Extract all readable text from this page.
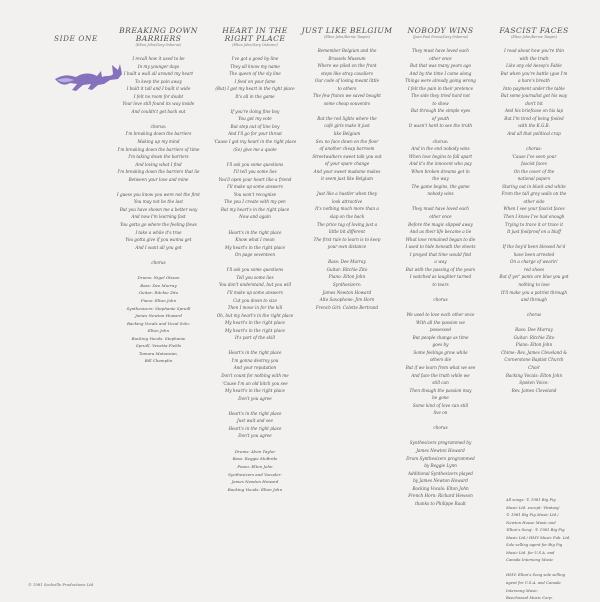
SIDE ONE
BREAKING DOWN BARRIERS
(Elton John/Gary Osborne)
I recall how it used to be
In my younger days
I built a wall all around my heart
To keep the pain away
I built it tall and I built it wide
I felt no room for doubt
Your love still found its way inside
And couldn't get back out
chorus:
I'm breaking down the barriers
Making up my mind
I'm breaking down the barriers of time
I'm taking down the barriers
And loving what I find
I'm breaking down the barriers that lie
Between your love and mine
I guess you know you were not the first
You may not be the last
But you have shown me a better way
And now I'm learning fast
You gotta go where the feeling flows
I take a while it's true
You gotta give if you wanna get
And I want all you got
chorus
Drums: Nigel Olsson
Bass: Dee Murray
Guitar: Ritchie Zito
Piano: Elton John
Synthesizers: Stephanie Spruill
James Newton Howard
Backing Vocals and Vocal Solo:
Elton John
Backing Vocals: Stephanie
Spruill, Venetta Fields
Tamara Matoesian,
Bill Champlin
HEART IN THE RIGHT PLACE
(Elton John/Gary Osborne)
I've got a good by-line
They all know my name
The queen of the sly line
I feed on your fame
(But) I got my heart in the right place
It's all in the game
If you're doing fine boy
You got my vote
But step out of line boy
And I'll go for your throat
'Cause I got my heart in the right place
(So) give me a quote
I'll ask you some questions
I'll tell you some lies
You'll open your heart like a friend
I'll make up some answers
You won't recognise
The you I create with my pen
But my heart's in the right place
Now and again
Heart's in the right place
Know what I mean
My heart's in the right place
On page seventeen
I'll ask you some questions
Tell you some lies
You don't understand, but you will
I'll make up some answers
Cut you down to size
Then I move in for the kill
Oh, but my heart's in the right place
My heart's in the right place
My heart's in the right place
It's part of the skill
Heart's in the right place
I'm gonna destroy you
And your reputation
Don't count for nothing with me
'Cause I'm an old bitch you see
My heart's in the right place
Don't you agree
Heart's in the right place
Just wait and see
Heart's in the right place
Don't you agree
Drums: Alvin Taylor
Bass: Reggie McBride
Piano: Elton John
Synthesizers and Vocoder:
James Newton Howard
Backing Vocals: Elton John
JUST LIKE BELGIUM
(Elton John/Bernie Taupin)
Remember Belgium and the
Brussels Museum
Where we piled on the front
steps like stray cavaliers
Our code of losing meant little
to others
The few francs we saved bought
some cheap souvenirs
But the red lights where the
café girls make it just
like Belgium
Sex no face down on the floor
of another cheap barroom
Streetwalkers sweet talk you out
of your spare change
And your sweet madame makes
it seem just like Belgium
Just like a hustler when they
look attractive
It's nothing much more than a
slap on the back
The price tag of loving just a
little bit different
The first rule to learn is to keep
your own distance
Bass: Dee Murray
Guitar: Ritchie Zito
Piano: Elton John
Synthesizers:
James Newton Howard
Alto Saxophone: Jim Horn
French Girl: Colette Bertrand
NOBODY WINS
(Jean Paul Dreau/Gary Osborne)
They must have loved each
other once
But that was many years ago
And by the time I came along
Things were already going wrong
I felt the pain in their pretence
The side they tried hard not
to show
But through the simple eyes
of youth
It wasn't hard to see the truth
chorus:
And in the end nobody wins
When love begins to fall apart
And it's the innocent who pay
When broken dreams get in
the way
The game begins, the game
nobody wins
They must have loved each
other once
Before the magic slipped away
And as their life became a lie
What love remained began to die
I used to hide beneath the sheets
I prayed that time would find
a way
But with the passing of the years
I watched as laughter turned
to tears
chorus
We used to love each other once
With all the passion we
possessed
But people change as time
goes by
Some feelings grow while
others die
But if we learn from what we see
And face the truth while we
still can
Then though the passion may
be gone
Some kind of love can still
live on
chorus
Synthesizers programmed by
James Newton Howard
Drum Synthesizers programmed
by Reggie Lynn
Additional Synthesizers played
by James Newton Howard
Backing Vocals: Elton John
French Horn: Richard Hewson
thanks to Philippe Rault
FASCIST FACES
(Elton John/Bernie Taupin)
I read about how you're thin
with the truth
Like any old Aesop's Fable
But when you're battle (gue I'm
a hare's breath
Into payment under the table
But some journalist got his way
don't hit
And his briefcase on his lap
But I'm tired of being fooled
with the K.G.B.
And all that political crap
chorus:
'Cause I've seen your
fascist faces
On the cover of the
national papers
Staring out in black and white
From the tall grey walls on the
other side
When I see your fascist faces
Then I know I've had enough
Trying to trace it or trace it
It just foolproof on a bluff
If the boy'd been blessed he'd
have been arrested
On a charge of wearin'
red shoes
But if yer' pants are blue you got
nothing to lose
It'll make you a patriot through
and through
chorus
Bass: Dee Murray
Guitar: Ritchie Zito
Piano: Elton John
Chime: Rev. James Cleveland &
Cornerstone Baptist Church
Choir
Backing Vocals: Elton John
Spoken Voice:
Rev. James Cleveland
All songs: © 1981 Big Pig
Music Ltd. except: 'Fantasy'
© 1981 Big Pig Music Ltd./
Newton House Music and
'Elton's Song': © 1981 Big Pig
Music Ltd./ HMV Music Pub. Ltd.
Sole selling agent for Big Pig
Music Ltd. for U.S.A. and
Canada Intersong Music
HMV: Elton's Song sole selling
agent for U.S.A. and Canada
Intersong Music
Beechwood Music Corp.
© 1981 Sackville Productions Ltd.
